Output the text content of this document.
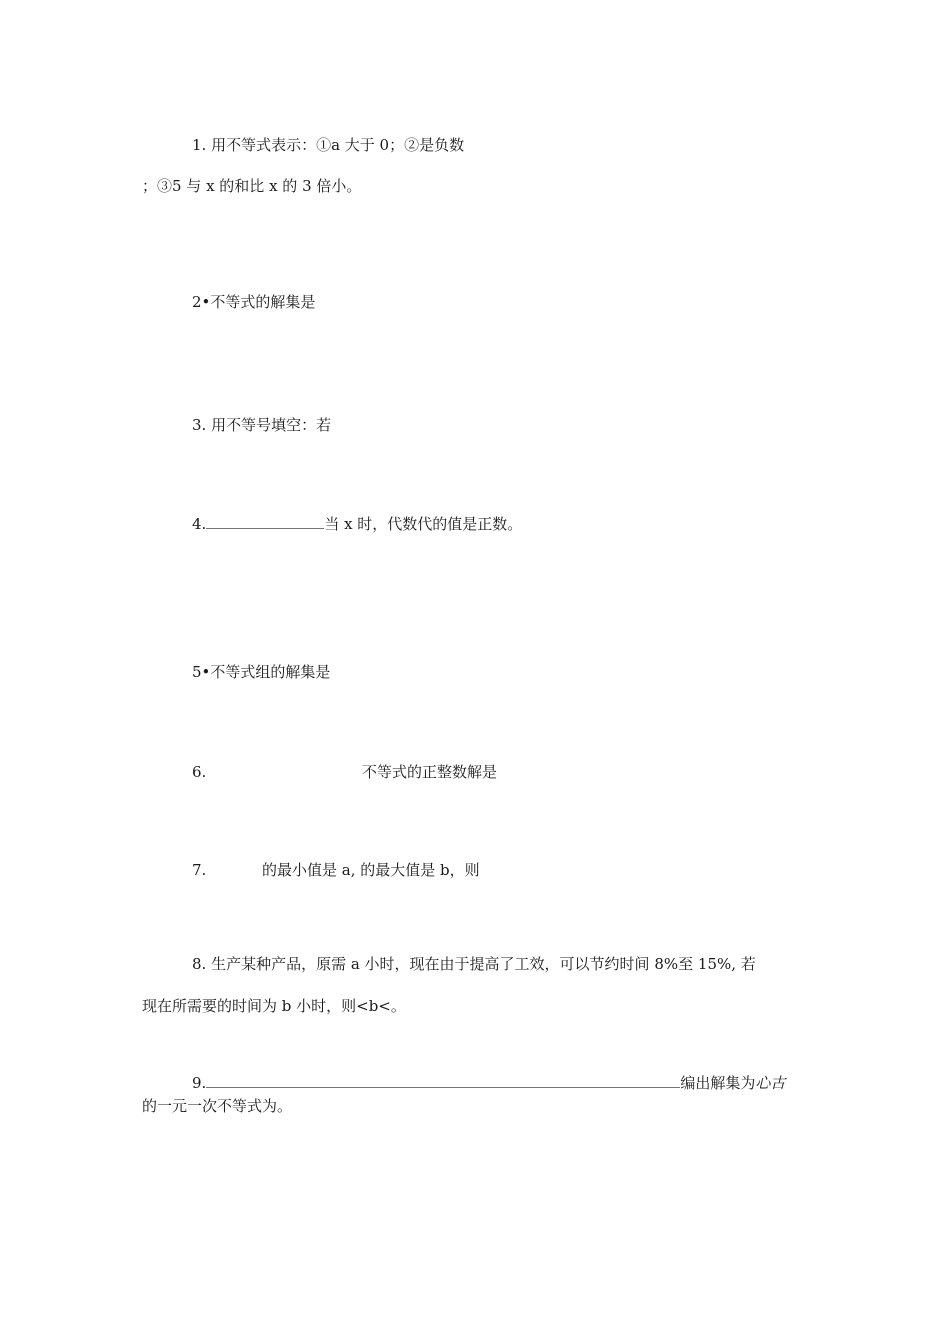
1. 用不等式表示：①a 大于 0；②是负数
；③5 与 x 的和比 x 的 3 倍小。
2•不等式的解集是
3. 用不等号填空：若
4.	当 x 时，代数代的值是正数。
5•不等式组的解集是
6.	不等式的正整数解是
7.	的最小值是 a, 的最大值是 b，则
8. 生产某种产品，原需 a 小时，现在由于提高了工效，可以节约时间 8%至 15%, 若
现在所需要的时间为 b 小时，则<b<。
9.	编出解集为心古
的一元一次不等式为。
